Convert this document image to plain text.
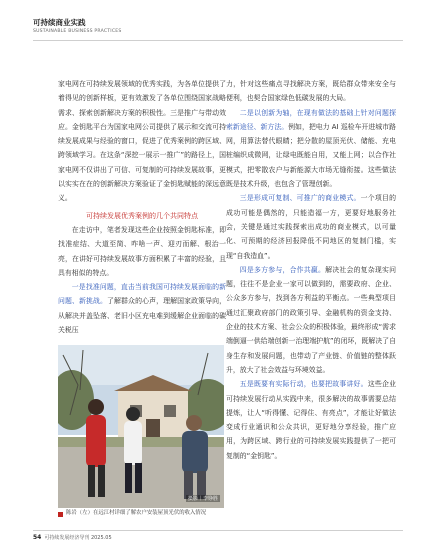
可持续商业实践
SUSTAINABLE BUSINESS PRACTICES

家电网在可持续发展领域的优秀实践，为各单位提供了着得见的创新样板，更有效激发了各单位围绕国家战略需求、探索创新解决方案的积极性。三是推广与带动效应。金钥匙平台为国家电网公司提供了展示和交流可持续发展成果与经验的窗口，促进了优秀案例的跨区域、跨领域学习。在这条“深挖一展示一推广”的路径上，国家电网不仅讲出了可信、可复制的可持续发展故事，更以实实在在的创新解决方案验证了金钥匙赋能的深远意义。

可持续发展优秀案例的几个共同特点

在走访中，笔者发现这些企业按照金钥匙标准，即找准症结、大道至简、咋啥一声、迎刃而解、根治一亮，在讲好可持续发展故事方面积累了丰富的经验，且具有相似的特点。

一是找准问题，直击当前我国可持续发展面临的新问题、新挑战。了解群众的心声，理解国家政策导向，从解决并盖坠落、老旧小区充电难到缓解企业面临的碳关税压

摄影｜李铮胜
陈岩（左）在远江村详细了解农户安装屋顶光伏的收入情况

力，针对这些痛点寻找解决方案，既给群众带来安全与便利，也契合国家绿色低碳发展的大局。

二是以创新为轴，在现有做法的基础上针对问题探索新途径、新方法。例如，把电力 AI 巡检车开进城市路网，用算法替代眼睛；把分散的屋顶光伏、储能、充电桩编织成微网，让绿电既能自用，又能上网；以合作社模式，把零散农户与新能源大市场无缝衔接。这些做法既是技术升级，也包含了管理创新。

三是形成可复制、可推广的商业模式。一个项目的成功可能是偶然的，只能造福一方，更要好地服务社会，关键是通过实践探索出成功的商业模式，以可量化、可预期的经济回报降低不同地区的复制门槛，实现“自我造血”。

四是多方参与，合作共赢。解决社会的复杂现实问题，往往不是企业一家可以做到的，需要政府、企业、公众多方参与，找到各方利益的平衡点。一些典型项目通过汇聚政府部门的政策引导、金融机构的资金支持、企业的技术方案、社会公众的积极体验，最终形成“需求端倒逼一供给端创新一治理端护航”的闭环，既解决了自身生存和发展问题，也带动了产业链、价值链的整体跃升，放大了社会效益与环境效益。

五是既要有实际行动，也要把故事讲好。这些企业可持续发展行动从实践中来，很多解决的故事需要总结提炼，让人“听得懂、记得住、有亮点”，才能让好做法变成行业通识和公众共识，更好地分享经验，推广应用，为跨区域、跨行业的可持续发展实践提供了一把可复制的“金钥匙”。

54 可持续发展经济导刊 2025.05
